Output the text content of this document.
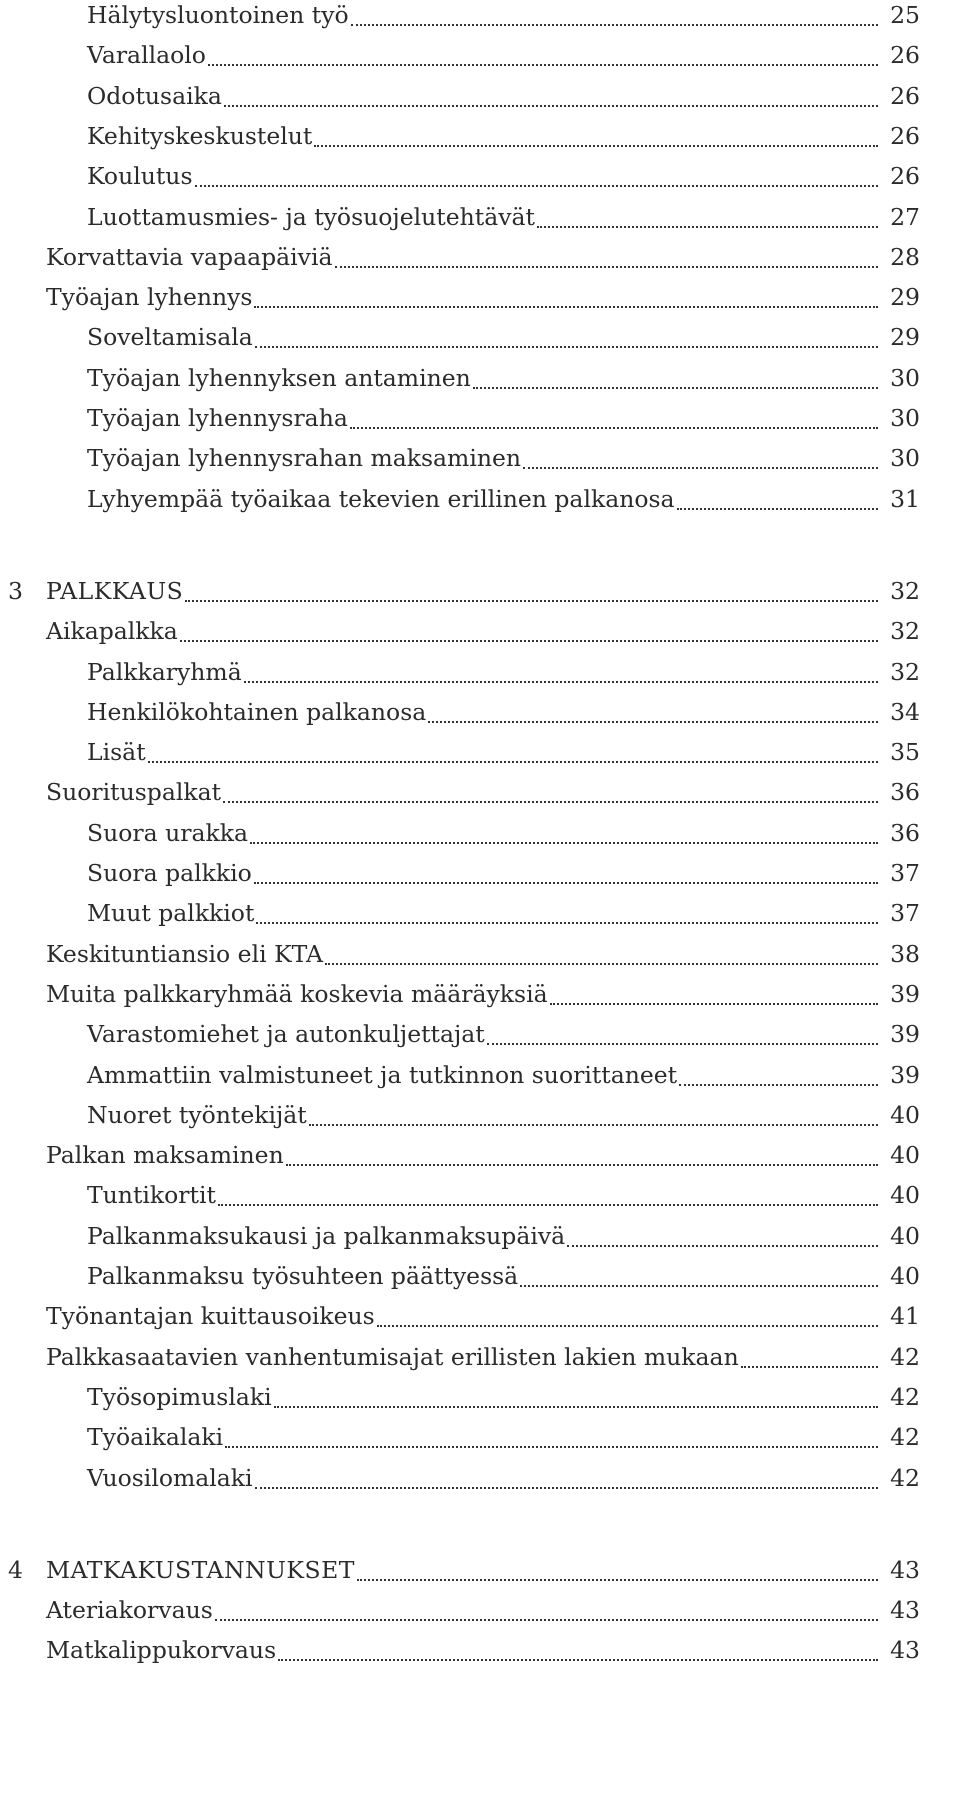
Hälytysluontoinen työ	25
Varallaolo	26
Odotusaika	26
Kehityskeskustelut	26
Koulutus	26
Luottamusmies- ja työsuojelutehtävät	27
Korvattavia vapaapäiviä	28
Työajan lyhennys	29
Soveltamisala	29
Työajan lyhennyksen antaminen	30
Työajan lyhennysraha	30
Työajan lyhennysrahan maksaminen	30
Lyhyempää työaikaa tekevien erillinen palkanosa	31
3 PALKKAUS	32
Aikapalkka	32
Palkkaryhmä	32
Henkilökohtainen palkanosa	34
Lisät	35
Suorituspalkat	36
Suora urakka	36
Suora palkkio	37
Muut palkkiot	37
Keskituntiansio eli KTA	38
Muita palkkaryhmää koskevia määräyksiä	39
Varastomiehet ja autonkuljettajat	39
Ammattiin valmistuneet ja tutkinnon suorittaneet	39
Nuoret työntekijät	40
Palkan maksaminen	40
Tuntikortit	40
Palkanmaksukausi ja palkanmaksupäivä	40
Palkanmaksu työsuhteen päättyessä	40
Työnantajan kuittausoikeus	41
Palkkasaatavien vanhentumisajat erillisten lakien mukaan	42
Työsopimuslaki	42
Työaikalaki	42
Vuosilomalaki	42
4 MATKAKUSTANNUKSET	43
Ateriakorvaus	43
Matkalippukorvaus	43
